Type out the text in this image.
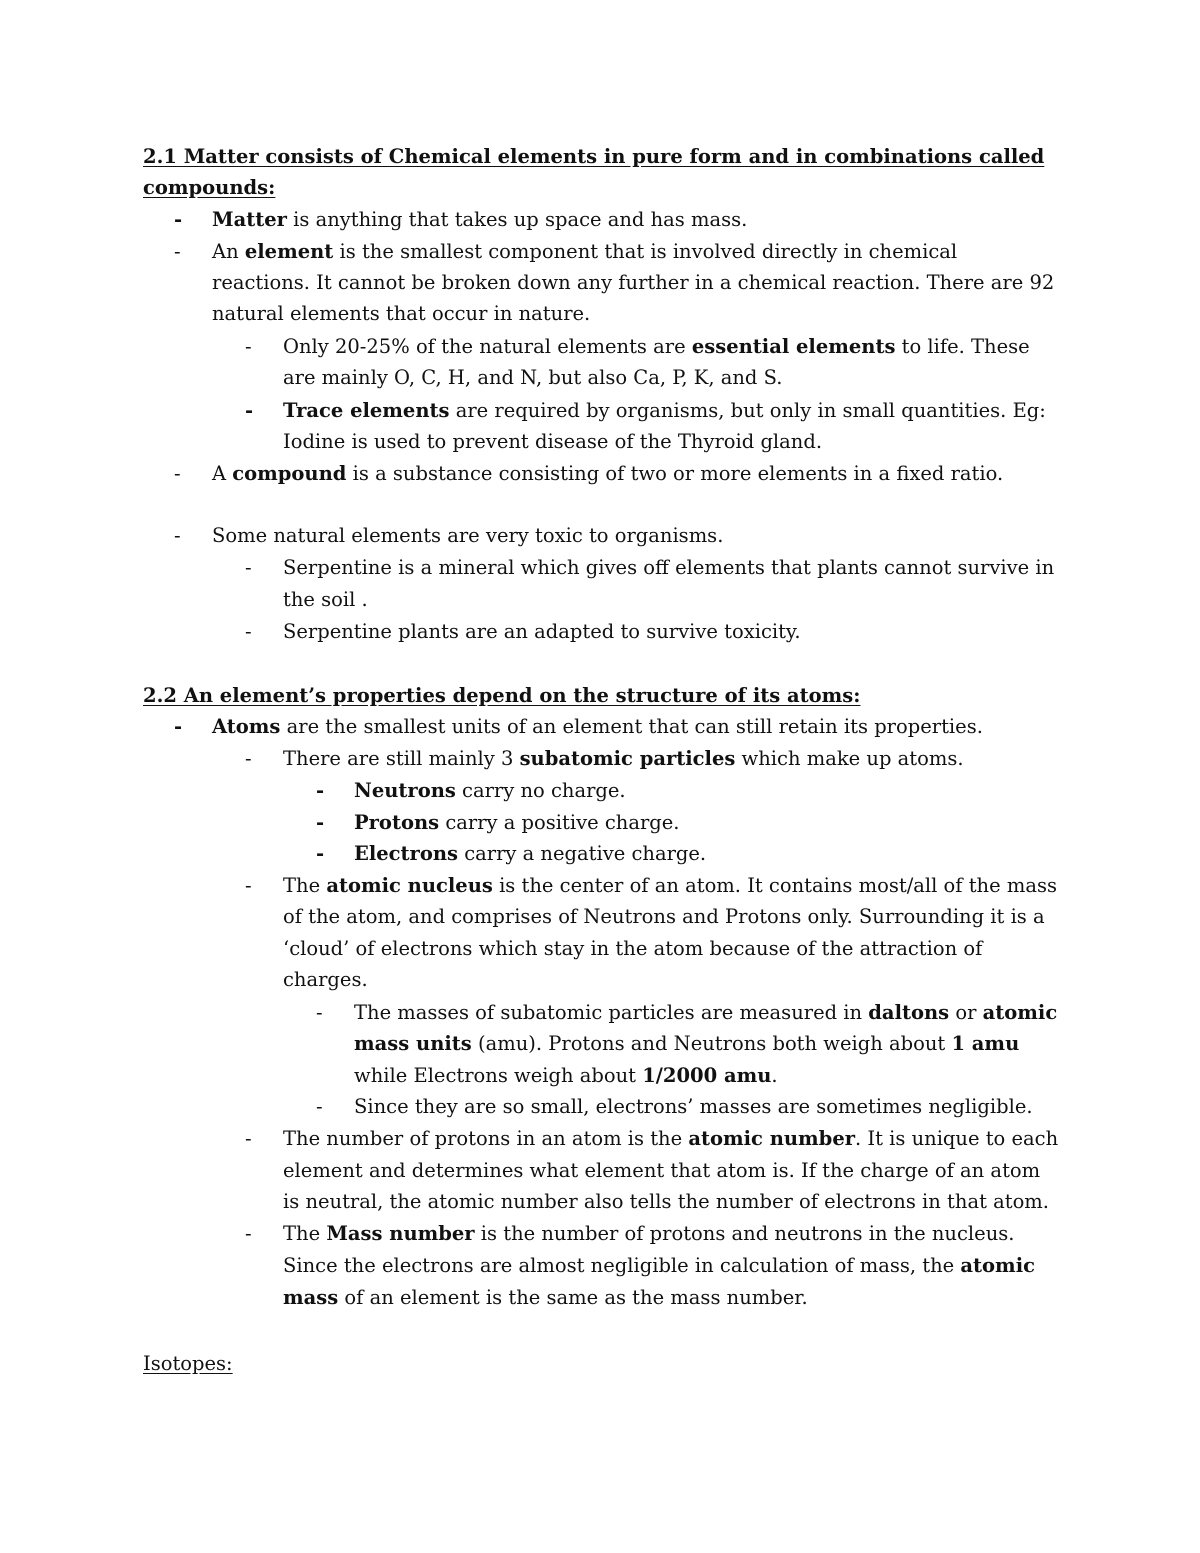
2.1 Matter consists of Chemical elements in pure form and in combinations called
compounds:
- Matter is anything that takes up space and has mass.
- An element is the smallest component that is involved directly in chemical
reactions. It cannot be broken down any further in a chemical reaction. There are 92
natural elements that occur in nature.
- Only 20-25% of the natural elements are essential elements to life. These
are mainly O, C, H, and N, but also Ca, P, K, and S.
- Trace elements are required by organisms, but only in small quantities. Eg:
Iodine is used to prevent disease of the Thyroid gland.
- A compound is a substance consisting of two or more elements in a fixed ratio.
- Some natural elements are very toxic to organisms.
- Serpentine is a mineral which gives off elements that plants cannot survive in
the soil .
- Serpentine plants are an adapted to survive toxicity.
2.2 An element’s properties depend on the structure of its atoms:
- Atoms are the smallest units of an element that can still retain its properties.
- There are still mainly 3 subatomic particles which make up atoms.
- Neutrons carry no charge.
- Protons carry a positive charge.
- Electrons carry a negative charge.
- The atomic nucleus is the center of an atom. It contains most/all of the mass
of the atom, and comprises of Neutrons and Protons only. Surrounding it is a
‘cloud’ of electrons which stay in the atom because of the attraction of
charges.
- The masses of subatomic particles are measured in daltons or atomic
mass units (amu). Protons and Neutrons both weigh about 1 amu
while Electrons weigh about 1/2000 amu.
- Since they are so small, electrons’ masses are sometimes negligible.
- The number of protons in an atom is the atomic number. It is unique to each
element and determines what element that atom is. If the charge of an atom
is neutral, the atomic number also tells the number of electrons in that atom.
- The Mass number is the number of protons and neutrons in the nucleus.
Since the electrons are almost negligible in calculation of mass, the atomic
mass of an element is the same as the mass number.
Isotopes:
